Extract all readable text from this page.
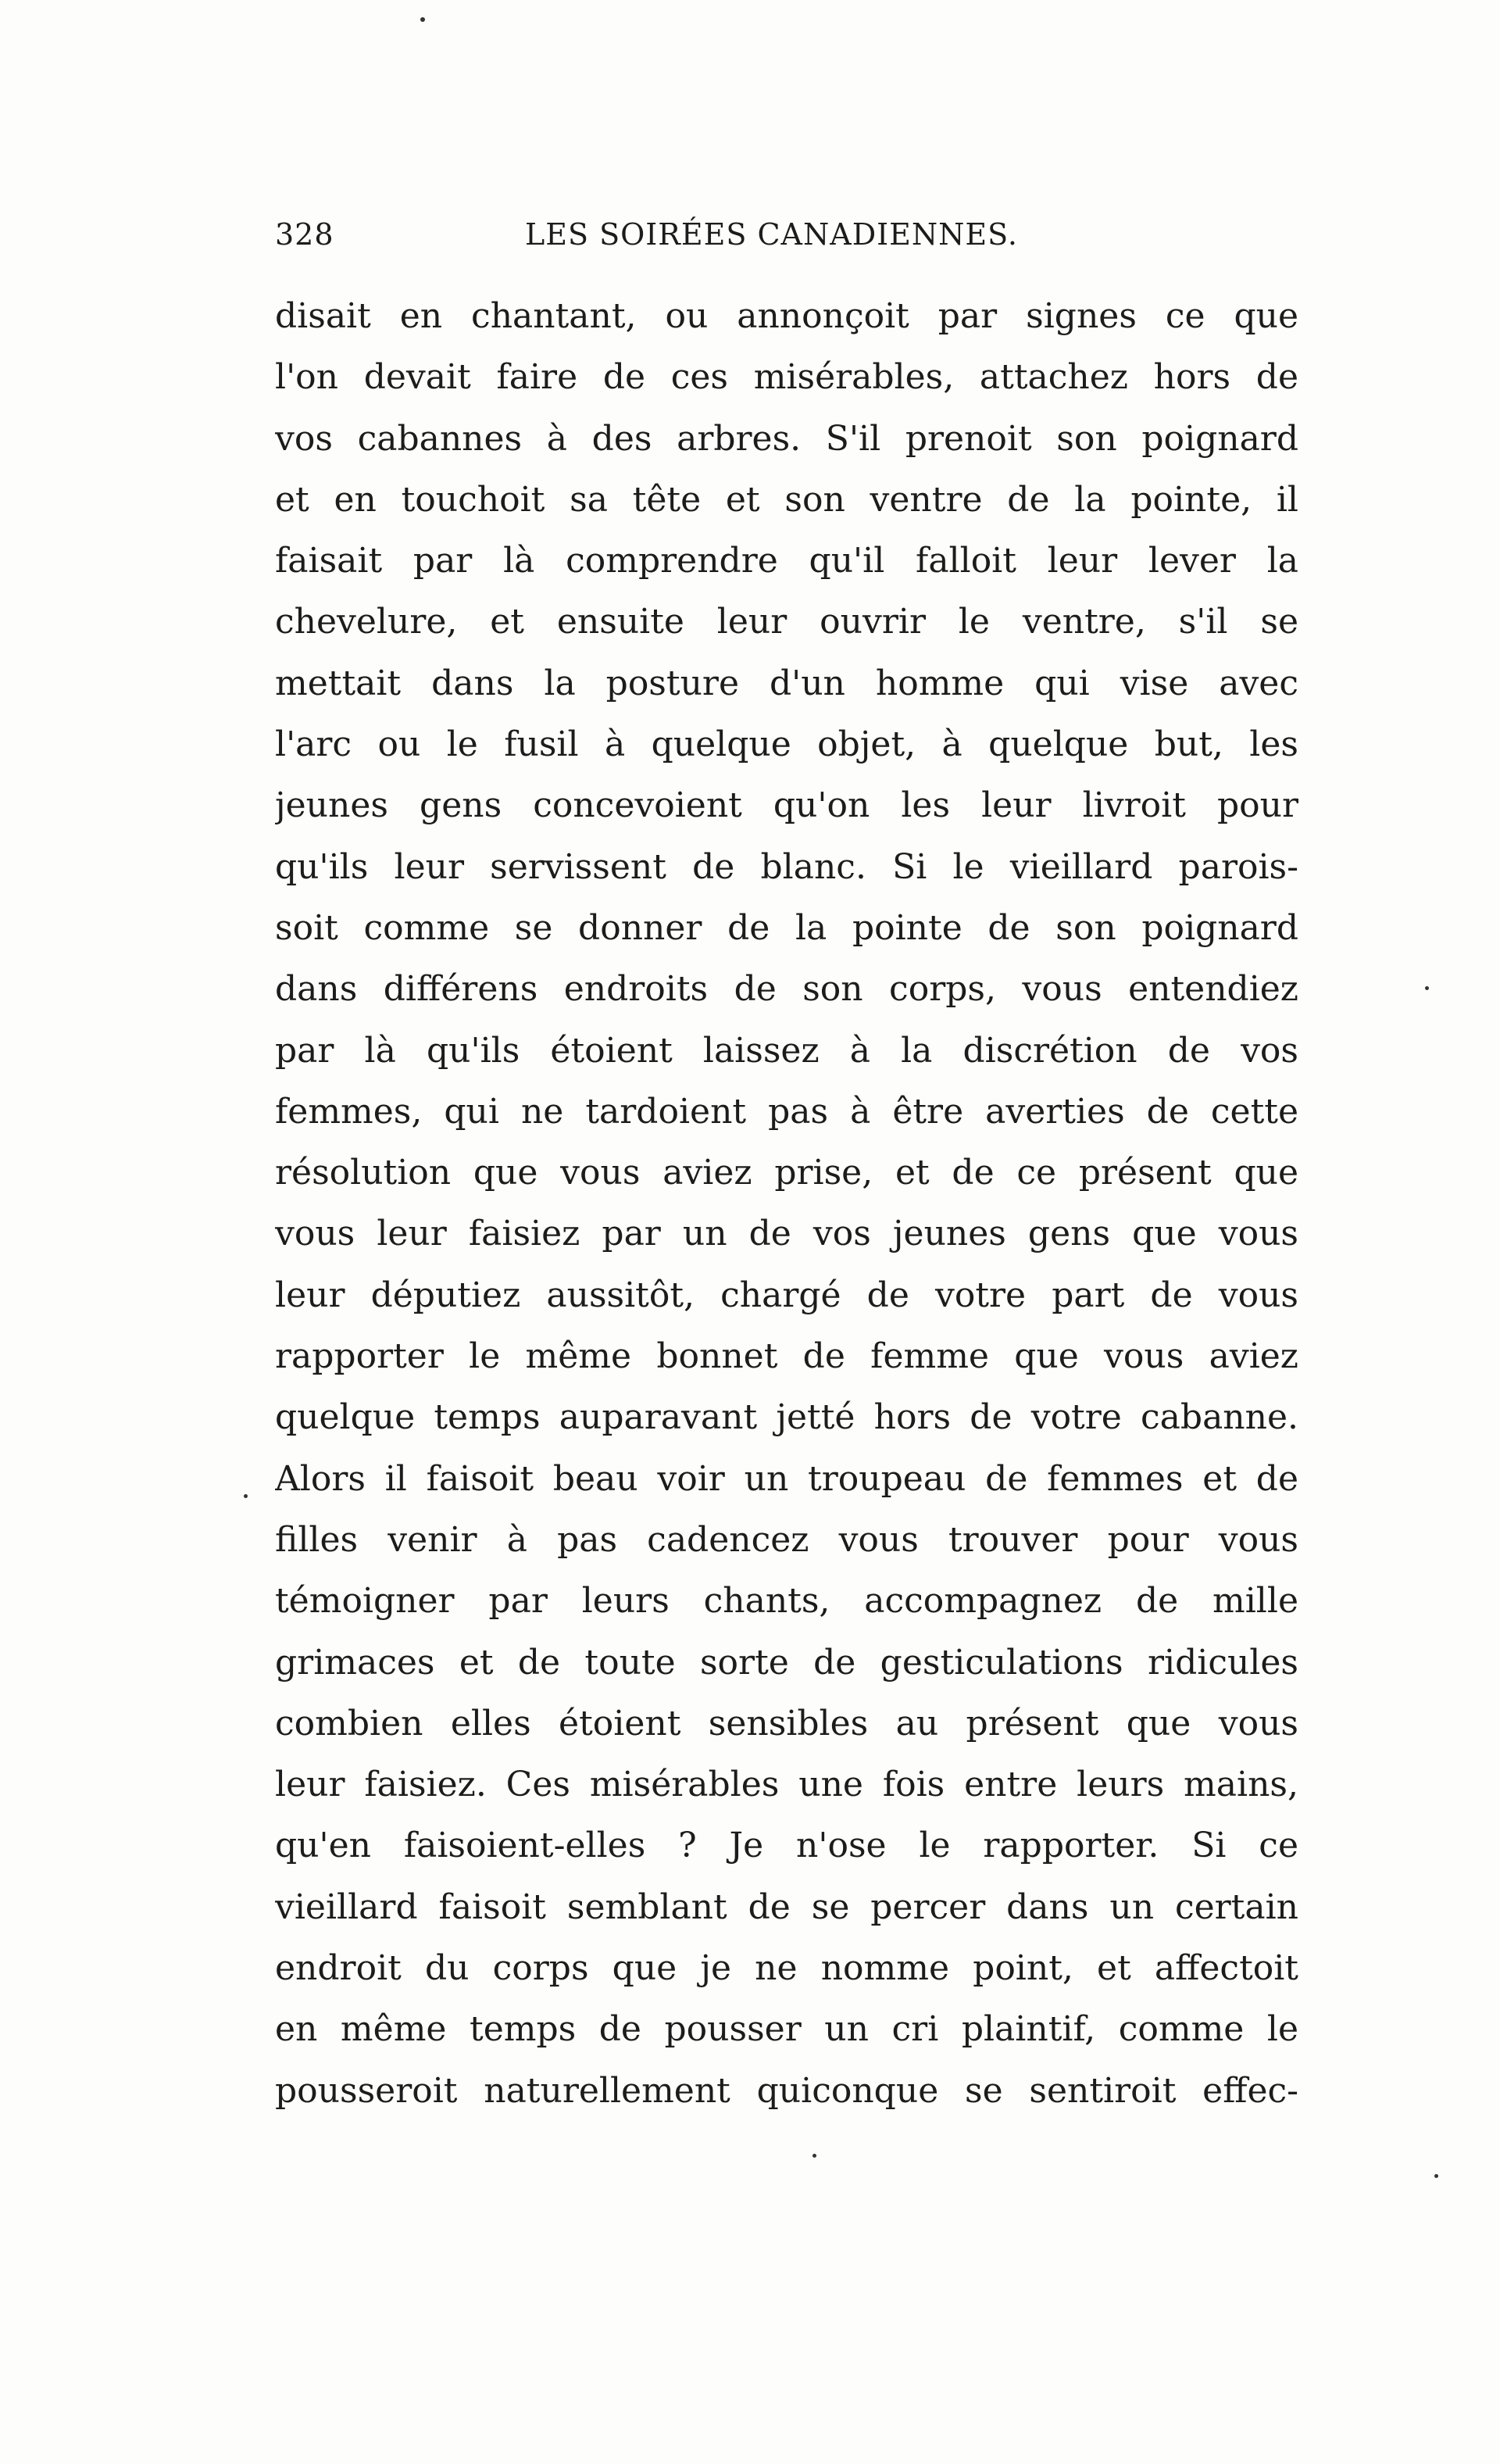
328	LES SOIRÉES CANADIENNES.
disait en chantant, ou annonçoit par signes ce que
l'on devait faire de ces misérables, attachez hors de
vos cabannes à des arbres. S'il prenoit son poignard
et en touchoit sa tête et son ventre de la pointe, il
faisait par là comprendre qu'il falloit leur lever la
chevelure, et ensuite leur ouvrir le ventre, s'il se
mettait dans la posture d'un homme qui vise avec
l'arc ou le fusil à quelque objet, à quelque but, les
jeunes gens concevoient qu'on les leur livroit pour
qu'ils leur servissent de blanc. Si le vieillard parois-
soit comme se donner de la pointe de son poignard
dans différens endroits de son corps, vous entendiez
par là qu'ils étoient laissez à la discrétion de vos
femmes, qui ne tardoient pas à être averties de cette
résolution que vous aviez prise, et de ce présent que
vous leur faisiez par un de vos jeunes gens que vous
leur députiez aussitôt, chargé de votre part de vous
rapporter le même bonnet de femme que vous aviez
quelque temps auparavant jetté hors de votre cabanne.
Alors il faisoit beau voir un troupeau de femmes et de
filles venir à pas cadencez vous trouver pour vous
témoigner par leurs chants, accompagnez de mille
grimaces et de toute sorte de gesticulations ridicules
combien elles étoient sensibles au présent que vous
leur faisiez. Ces misérables une fois entre leurs mains,
qu'en faisoient-elles ? Je n'ose le rapporter. Si ce
vieillard faisoit semblant de se percer dans un certain
endroit du corps que je ne nomme point, et affectoit
en même temps de pousser un cri plaintif, comme le
pousseroit naturellement quiconque se sentiroit effec-
